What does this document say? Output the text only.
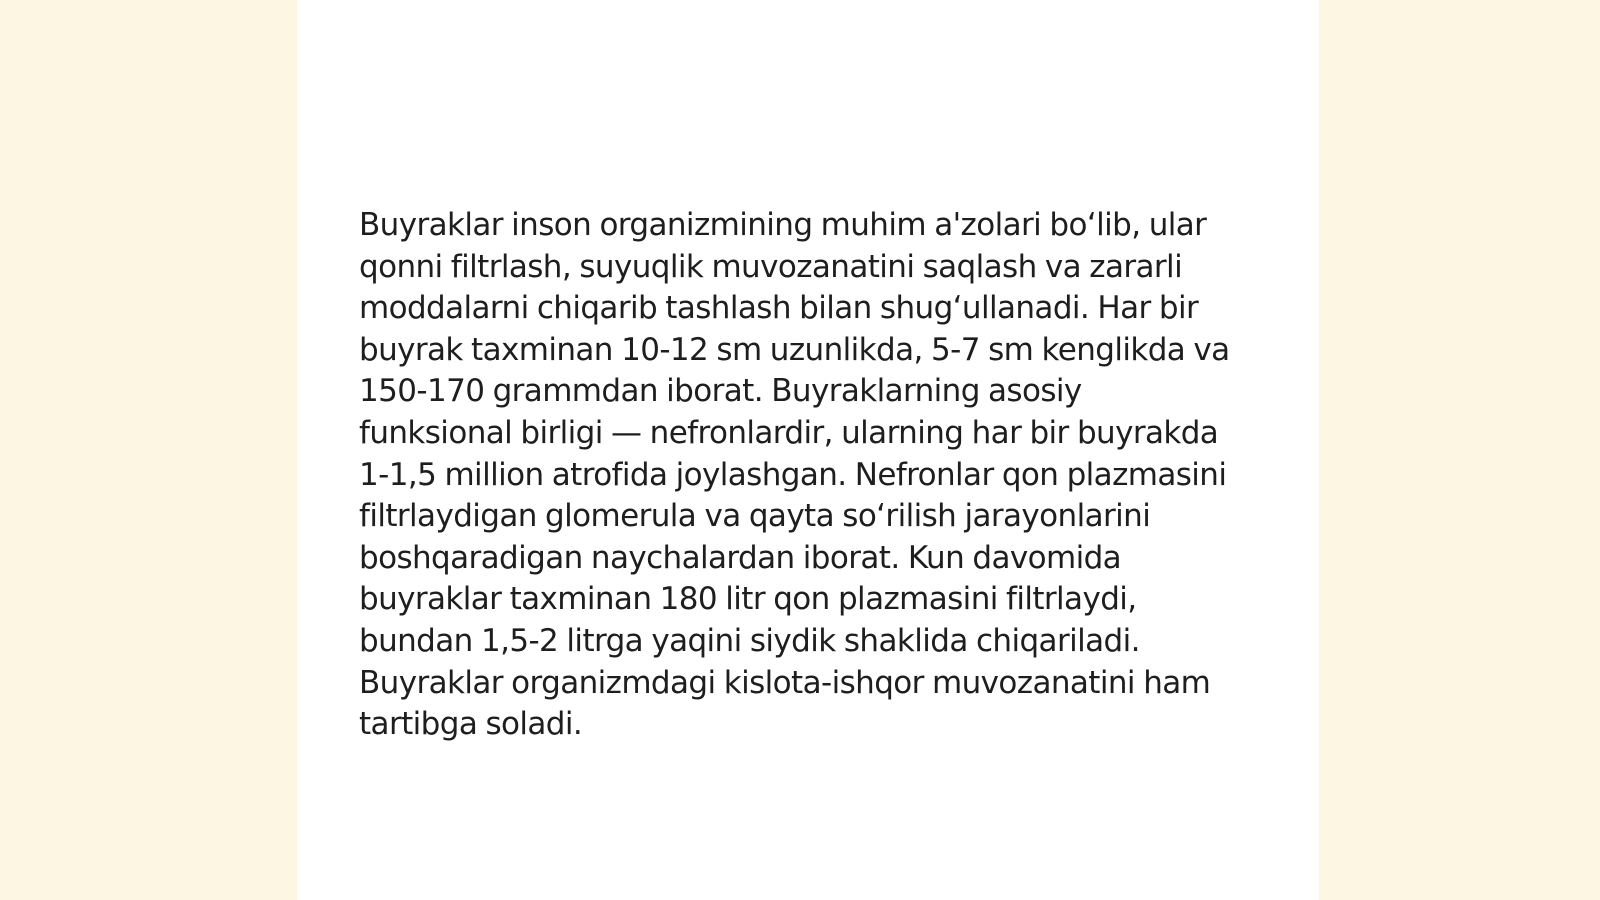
Buyraklar inson organizmining muhim a'zolari bo‘lib, ular qonni filtrlash, suyuqlik muvozanatini saqlash va zararli moddalarni chiqarib tashlash bilan shug‘ullanadi. Har bir buyrak taxminan 10-12 sm uzunlikda, 5-7 sm kenglikda va 150-170 grammdan iborat. Buyraklarning asosiy funksional birligi — nefronlardir, ularning har bir buyrakda 1-1,5 million atrofida joylashgan. Nefronlar qon plazmasini filtrlaydigan glomerula va qayta so‘rilish jarayonlarini boshqaradigan naychalardan iborat. Kun davomida buyraklar taxminan 180 litr qon plazmasini filtrlaydi, bundan 1,5-2 litrga yaqini siydik shaklida chiqariladi. Buyraklar organizmdagi kislota-ishqor muvozanatini ham tartibga soladi.
